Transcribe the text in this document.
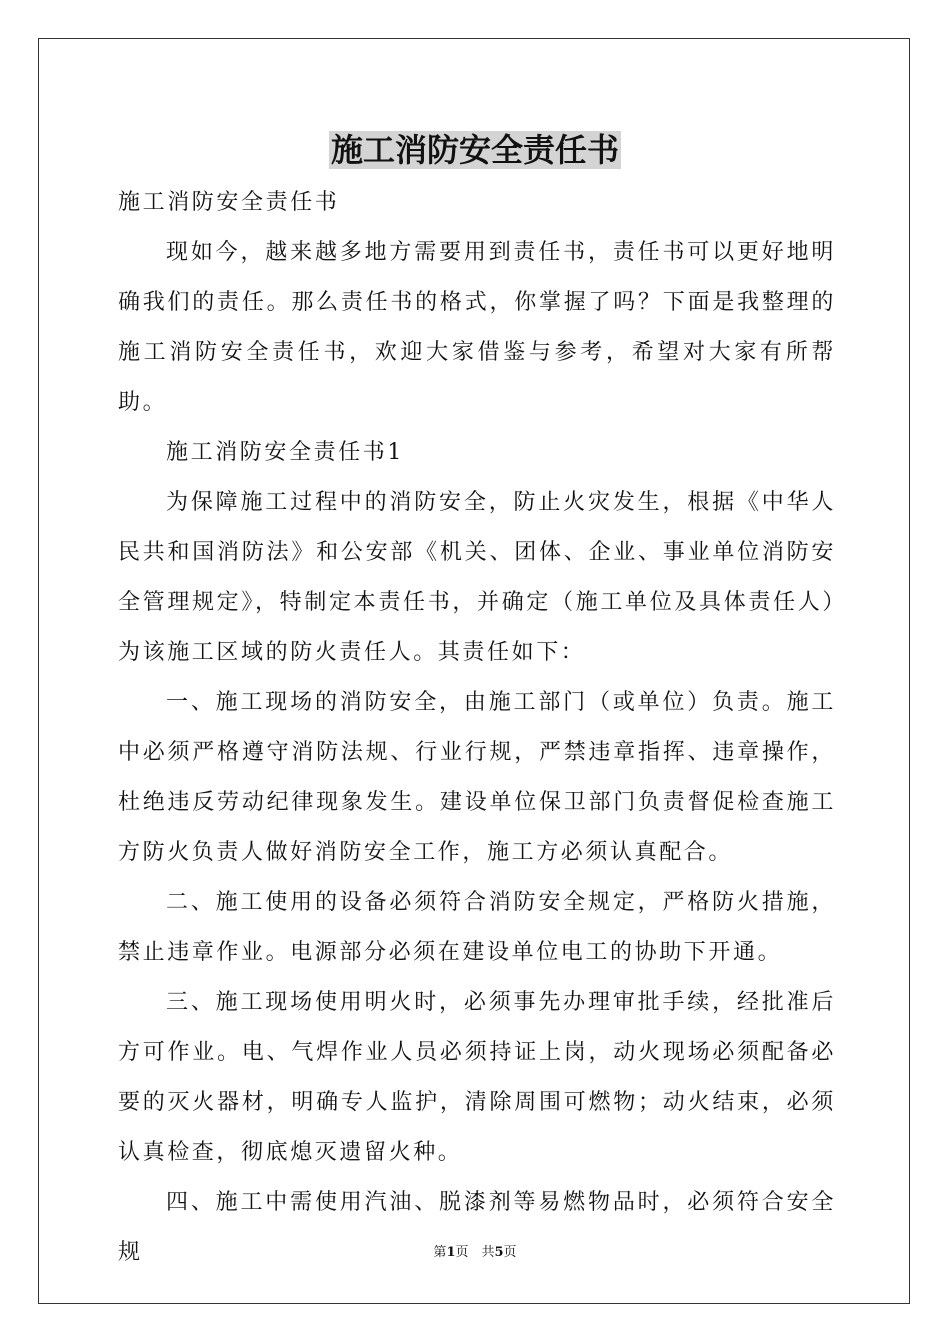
施工消防安全责任书

施工消防安全责任书

现如今，越来越多地方需要用到责任书，责任书可以更好地明确我们的责任。那么责任书的格式，你掌握了吗？下面是我整理的施工消防安全责任书，欢迎大家借鉴与参考，希望对大家有所帮助。

施工消防安全责任书1

为保障施工过程中的消防安全，防止火灾发生，根据《中华人民共和国消防法》和公安部《机关、团体、企业、事业单位消防安全管理规定》，特制定本责任书，并确定（施工单位及具体责任人）为该施工区域的防火责任人。其责任如下：

一、施工现场的消防安全，由施工部门（或单位）负责。施工中必须严格遵守消防法规、行业行规，严禁违章指挥、违章操作，杜绝违反劳动纪律现象发生。建设单位保卫部门负责督促检查施工方防火负责人做好消防安全工作，施工方必须认真配合。

二、施工使用的设备必须符合消防安全规定，严格防火措施，禁止违章作业。电源部分必须在建设单位电工的协助下开通。

三、施工现场使用明火时，必须事先办理审批手续，经批准后方可作业。电、气焊作业人员必须持证上岗，动火现场必须配备必要的灭火器材，明确专人监护，清除周围可燃物；动火结束，必须认真检查，彻底熄灭遗留火种。

四、施工中需使用汽油、脱漆剂等易燃物品时，必须符合安全规	第1页　共5页
